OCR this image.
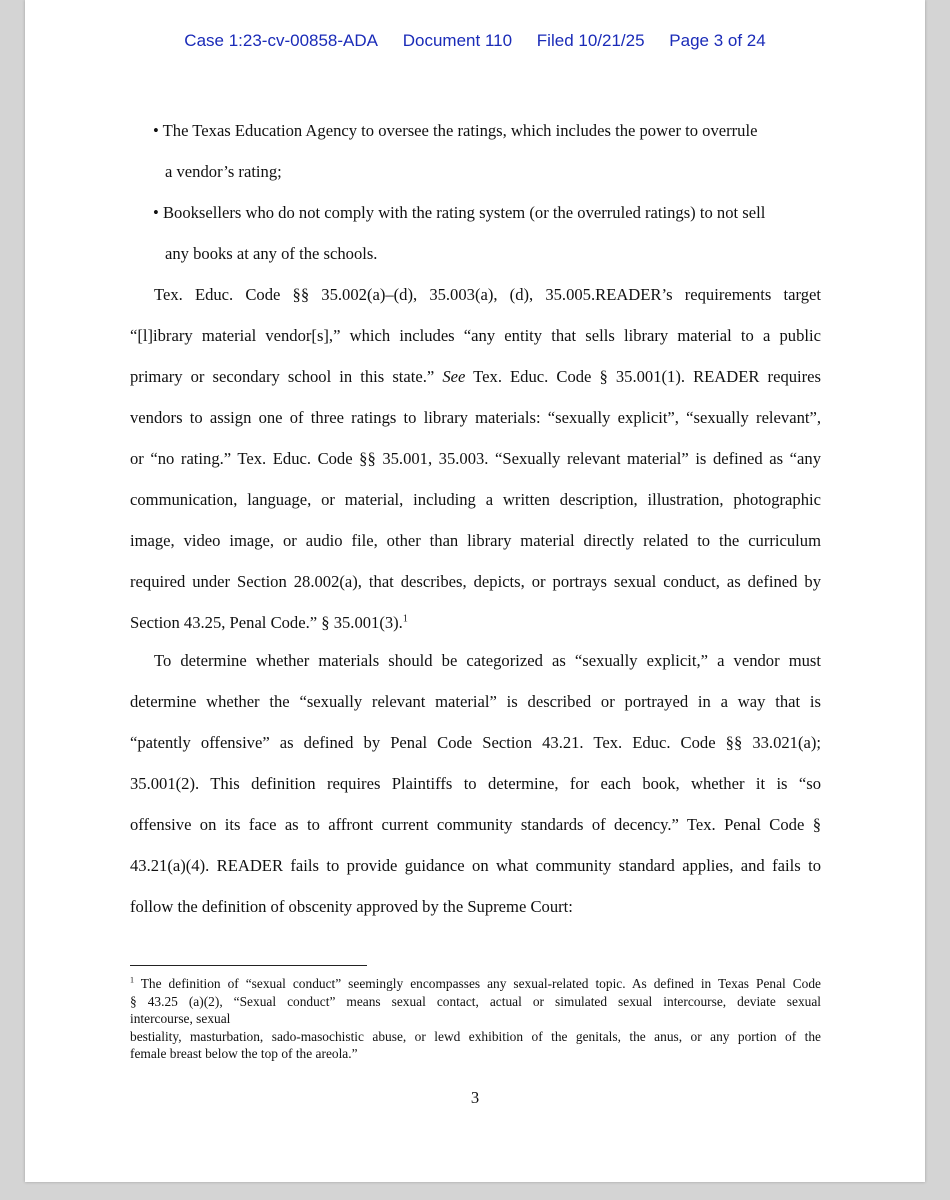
Case 1:23-cv-00858-ADA Document 110 Filed 10/21/25 Page 3 of 24
• The Texas Education Agency to oversee the ratings, which includes the power to overrule
a vendor’s rating;
• Booksellers who do not comply with the rating system (or the overruled ratings) to not sell
any books at any of the schools.
Tex. Educ. Code §§ 35.002(a)–(d), 35.003(a), (d), 35.005.READER’s requirements target
“[l]ibrary material vendor[s],” which includes “any entity that sells library material to a public
primary or secondary school in this state.” See Tex. Educ. Code § 35.001(1). READER requires
vendors to assign one of three ratings to library materials: “sexually explicit”, “sexually relevant”,
or “no rating.” Tex. Educ. Code §§ 35.001, 35.003. “Sexually relevant material” is defined as “any
communication, language, or material, including a written description, illustration, photographic
image, video image, or audio file, other than library material directly related to the curriculum
required under Section 28.002(a), that describes, depicts, or portrays sexual conduct, as defined by
Section 43.25, Penal Code.” § 35.001(3).$^1$
To determine whether materials should be categorized as “sexually explicit,” a vendor must
determine whether the “sexually relevant material” is described or portrayed in a way that is
“patently offensive” as defined by Penal Code Section 43.21. Tex. Educ. Code §§ 33.021(a);
35.001(2). This definition requires Plaintiffs to determine, for each book, whether it is “so
offensive on its face as to affront current community standards of decency.” Tex. Penal Code §
43.21(a)(4). READER fails to provide guidance on what community standard applies, and fails to
follow the definition of obscenity approved by the Supreme Court:
$^1$ The definition of “sexual conduct” seemingly encompasses any sexual-related topic. As defined in Texas Penal Code
§ 43.25 (a)(2), “Sexual conduct” means sexual contact, actual or simulated sexual intercourse, deviate sexual
intercourse, sexual
bestiality, masturbation, sado-masochistic abuse, or lewd exhibition of the genitals, the anus, or any portion of the
female breast below the top of the areola.”
3
